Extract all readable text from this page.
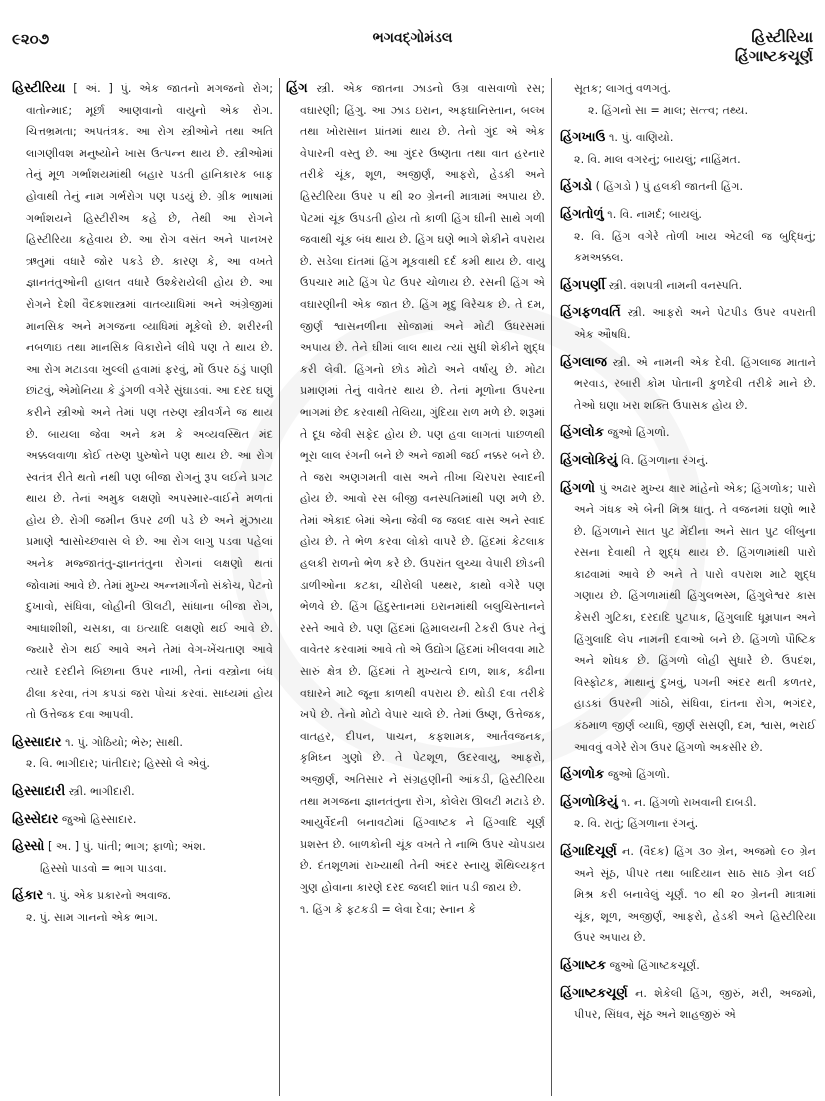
૯૨૦૭	ભગવદ્ગોમંડલ	હિસ્ટીરિયા
હિંગાષ્ટકચૂર્ણ
હિસ્ટીરિયા [ અં. ] પું. એક જાતનો મગજનો રોગ; વાતોન્માદ; મૂર્છા આણવાનો વાયુનો એક રોગ. ચિત્તભ્રમતા; અપતંત્રક. આ રોગ સ્ત્રીઓને તથા અતિ લાગણીવશ મનુષ્યોને ખાસ ઉત્પન્ન થાય છે. સ્ત્રીઓમાં તેનું મૂળ ગર્ભાશયમાંથી બહાર પડતી હાનિકારક બાફ હોવાથી તેનું નામ ગર્ભરોગ પણ પડયું છે. ગ્રીક ભાષામાં ગર્ભાશયને હિસ્ટીરીઅ કહે છે, તેથી આ રોગને હિસ્ટીરિયા કહેવાય છે. આ રોગ વસંત અને પાનખર ઋતુમાં વધારે જોર પકડે છે. કારણ કે, આ વખતે જ્ઞાનતંતુઓની હાલત વધારે ઉશ્કેરાયેલી હોય છે. આ રોગને દેશી વૈદકશાસ્ત્રમાં વાતવ્યાધિમાં અને અંગ્રેજીમાં માનસિક અને મગજના વ્યાધિમાં મૂકેલો છે. શરીરની નબળાઇ તથા માનસિક વિકારોને લીધે પણ તે થાય છે. આ રોગ મટાડવા ખુલ્લી હવામાં ફરવું, મોં ઉપર ઠંડું પાણી છાંટવું, એમોનિયા કે ડુંગળી વગેરે સુંઘાડવાં. આ દરદ ઘણું કરીને સ્ત્રીઓ અને તેમાં પણ તરુણ સ્ત્રીવર્ગને જ થાય છે. બાયલા જેવા અને કમ કે અવ્યવસ્થિત મંદ અક્કલવાળા કોઈ તરુણ પુરુષોને પણ થાય છે. આ રોગ સ્વતંત્ર રીતે થતો નથી પણ બીજા રોગનું રૂપ લઈને પ્રગટ થાય છે. તેનાં અમુક લક્ષણો અપસ્માર-વાઈને મળતાં હોય છે. રોગી જમીન ઉપર ઢળી પડે છે અને મુંઝાયા પ્રમાણે શ્વાસોચ્છ્વાસ લે છે. આ રોગ લાગુ પડવા પહેલાં અનેક મજ્જાતંતુ-જ્ઞાનતંતુના રોગનાં લક્ષણો થતાં જોવામાં આવે છે. તેમાં મુખ્ય અન્નમાર્ગનો સંકોચ, પેટનો દુખાવો, સંધિવા, લોહીની ઊલટી, સાંધાના બીજા રોગ, આધાશીશી, ચસકા, વા ઇત્યાદિ લક્ષણો થઈ આવે છે. જ્યારે રોગ થઈ આવે અને તેમાં વેગ-ખેંચતાણ આવે ત્યારે દરદીને બિછાના ઉપર નાખી, તેનાં વસ્ત્રોના બંધ ઢીલા કરવા, તંગ કપડાં જરા પોચાં કરવાં. સાધ્યમાં હોય તો ઉત્તેજક દવા આપવી.
હિસ્સાદાર ૧. પું. ગોઠિયો; ભેરુ; સાથી.
૨. વિ. ભાગીદાર; પાંતીદાર; હિસ્સો લે એવું.
હિસ્સાદારી સ્ત્રી. ભાગીદારી.
હિસ્સેદાર જુઓ હિસ્સાદાર.
હિસ્સો [ અ. ] પું. પાંતી; ભાગ; ફાળો; અંશ.
હિસ્સો પાડવો = ભાગ પાડવા.
હિંકાર ૧. પું. એક પ્રકારનો અવાજ.
૨. પું. સામ ગાનનો એક ભાગ.
હિંગ સ્ત્રી. એક જાતના ઝાડનો ઉગ્ર વાસવાળો રસ; વઘારણી; હિંગુ. આ ઝાડ ઇરાન, અફઘાનિસ્તાન, બલ્ખ તથા ખોરાસાન પ્રાંતમાં થાય છે. તેનો ગુંદ એ એક વેપારની વસ્તુ છે. આ ગુંદર ઉષ્ણતા તથા વાત હરનાર તરીકે ચૂંક, શૂળ, અજીર્ણ, આફરો, હેડકી અને હિસ્ટીરિયા ઉપર ૫ થી ૨૦ ગ્રેનની માત્રામાં અપાય છે. પેટમાં ચૂંક ઉપડતી હોય તો કાળી હિંગ ઘીની સાથે ગળી જવાથી ચૂંક બંધ થાય છે. હિંગ ઘણે ભાગે શેકીને વપરાય છે. સડેલા દાંતમાં હિંગ મૂકવાથી દર્દ કમી થાય છે. વાયુ ઉપચાર માટે હિંગ પેટ ઉપર ચોળાય છે. રસની હિંગ એ વઘારણીની એક જાત છે. હિંગ મૃદુ વિરેચક છે. તે દમ, જીર્ણ શ્વાસનળીના સોજામાં અને મોટી ઉધરસમાં અપાય છે. તેને ઘીમાં લાલ થાય ત્યાં સુધી શેકીને શુદ્ધ કરી લેવી. હિંગનો છોડ મોટો અને વર્ષાયુ છે. મોટા પ્રમાણમાં તેનું વાવેતર થાય છે. તેનાં મૂળોના ઉપરના ભાગમાં છેદ કરવાથી તેલિયા, ગુંદિયા રાળ મળે છે. શરૂમાં તે દૂધ જેવી સફેદ હોય છે. પણ હવા લાગતાં પાછળથી ભૂરા લાલ રંગની બને છે અને જામી જઈ નક્કર બને છે. તે જરા અણગમતી વાસ અને તીખા ચિરપરા સ્વાદની હોય છે. આવો રસ બીજી વનસ્પતિમાંથી પણ મળે છે. તેમાં એકાદ બેમાં એના જેવી જ જલદ વાસ અને સ્વાદ હોય છે. તે ભેળ કરવા લોકો વાપરે છે. હિંદમાં કેટલાક હલકી રાળનો ભેળ કરે છે. ઉપરાંત લુચ્ચા વેપારી છોડની ડાળીઓના કટકા, ચીરોલી પથ્થર, કાથો વગેરે પણ ભેળવે છે. હિંગ હિંદુસ્તાનમાં ઇરાનમાંથી બલુચિસ્તાનને રસ્તે આવે છે. પણ હિંદમાં હિમાલયની ટેકરી ઉપર તેનું વાવેતર કરવામાં આવે તો એ ઉદ્યોગ હિંદમાં ખીલવવા માટે સારું ક્ષેત્ર છે. હિંદમાં તે મુખ્યત્વે દાળ, શાક, કઢીના વઘારને માટે જૂના કાળથી વપરાય છે. થોડી દવા તરીકે ખપે છે. તેનો મોટો વેપાર ચાલે છે. તેમાં ઉષ્ણ, ઉત્તેજક, વાતહર, દીપન, પાચન, કફશામક, આર્તવજનક, કૃમિઘ્ન ગુણો છે. તે પેટશૂળ, ઉદરવાયુ, આફરો, અજીર્ણ, અતિસાર ને સંગ્રહણીની આંકડી, હિસ્ટીરિયા તથા મગજના જ્ઞાનતંતુના રોગ, કોલેરા ઊલટી મટાડે છે. આયુર્વેદની બનાવટોમાં હિંગ્વાષ્ટક ને હિંગ્વાદિ ચૂર્ણ પ્રશસ્ત છે. બાળકોની ચૂંક વખતે તે નાભિ ઉપર ચોપડાય છે. દંતશૂળમાં રાખ્યાથી તેની અંદર સ્નાયુ શૈથિલ્યકૃત ગુણ હોવાના કારણે દરદ જલદી શાંત પડી જાય છે.
૧. હિંગ કે ફટકડી = લેવા દેવા; સ્નાન કે
સૂતક; લાગતું વળગતું.
૨. હિંગનો સા = માલ; સત્ત્વ; તથ્ય.
હિંગખાઉ ૧. પું. વાણિયો.
૨. વિ. માલ વગરનું; બાયલું; નાહિંમત.
હિંગડો ( હિંગડો ) પું હલકી જાતની હિંગ.
હિંગતોળું ૧. વિ. નામર્દ; બાયલું.
૨. વિ. હિંગ વગેરે તોળી ખાય એટલી જ બુદ્ધિનું; કમઅક્કલ.
હિંગપર્ણી સ્ત્રી. વંશપત્રી નામની વનસ્પતિ.
હિંગફળવર્તિ સ્ત્રી. આફરો અને પેટપીડ ઉપર વપરાતી એક ઔષધિ.
હિંગલાજ સ્ત્રી. એ નામની એક દેવી. હિંગલાજ માતાને ભરવાડ, રબારી કોમ પોતાની કુળદેવી તરીકે માને છે. તેઓ ઘણા ખરા શક્તિ ઉપાસક હોય છે.
હિંગલોક જુઓ હિંગળો.
હિંગલોકિયું વિ. હિંગળાના રંગનું.
હિંગળો પું અઢાર મુખ્ય ક્ષાર માંહેનો એક; હિંગળોક; પારો અને ગંધક એ બેની મિશ્ર ધાતુ. તે વજનમાં ઘણો ભારે છે. હિંગળાને સાત પુટ મેંદીના અને સાત પુટ લીંબુના રસના દેવાથી તે શુદ્ધ થાય છે. હિંગળામાંથી પારો કાઢવામાં આવે છે અને તે પારો વપરાશ માટે શુદ્ધ ગણાય છે. હિંગળામાંથી હિંગુલભસ્મ, હિંગુલેશ્વર કાસ કેસરી ગુટિકા, દરદાદિ પુટપાક, હિંગુલાદિ ધૂમ્રપાન અને હિંગુલાદિ લેપ નામની દવાઓ બને છે. હિંગળો પૌષ્ટિક અને શોધક છે. હિંગળો લોહી સુધારે છે. ઉપદંશ, વિસ્ફોટક, માથાનું દુખવું, પગની અંદર થતી કળતર, હાડકાં ઉપરની ગાંઠો, સંધિવા, દાંતના રોગ, ભગંદર, કંઠમાળ જીર્ણ વ્યાધિ, જીર્ણ સસણી, દમ, શ્વાસ, ભરાઈ આવવું વગેરે રોગ ઉપર હિંગળો અકસીર છે.
હિંગળોક જુઓ હિંગળો.
હિંગળોકિયું ૧. ન. હિંગળો રાખવાની દાબડી.
૨. વિ. રાતું; હિંગળાના રંગનું.
હિંગાદિચૂર્ણ ન. (વૈદક) હિંગ ૩૦ ગ્રેન, અજમો ૯૦ ગ્રેન અને સૂંઠ, પીપર તથા બાદિયાન સાઠ સાઠ ગ્રેન લઈ મિશ્ર કરી બનાવેલું ચૂર્ણ. ૧૦ થી ૨૦ ગ્રેનની માત્રામાં ચૂંક, શૂળ, અજીર્ણ, આફરો, હેડકી અને હિસ્ટીરિયા ઉપર અપાય છે.
હિંગાષ્ટક જુઓ હિંગાષ્ટકચૂર્ણ.
હિંગાષ્ટકચૂર્ણ ન. શેકેલી હિંગ, જીરું, મરી, અજમો, પીપર, સિંધવ, સૂંઠ અને શાહજીરું એ
